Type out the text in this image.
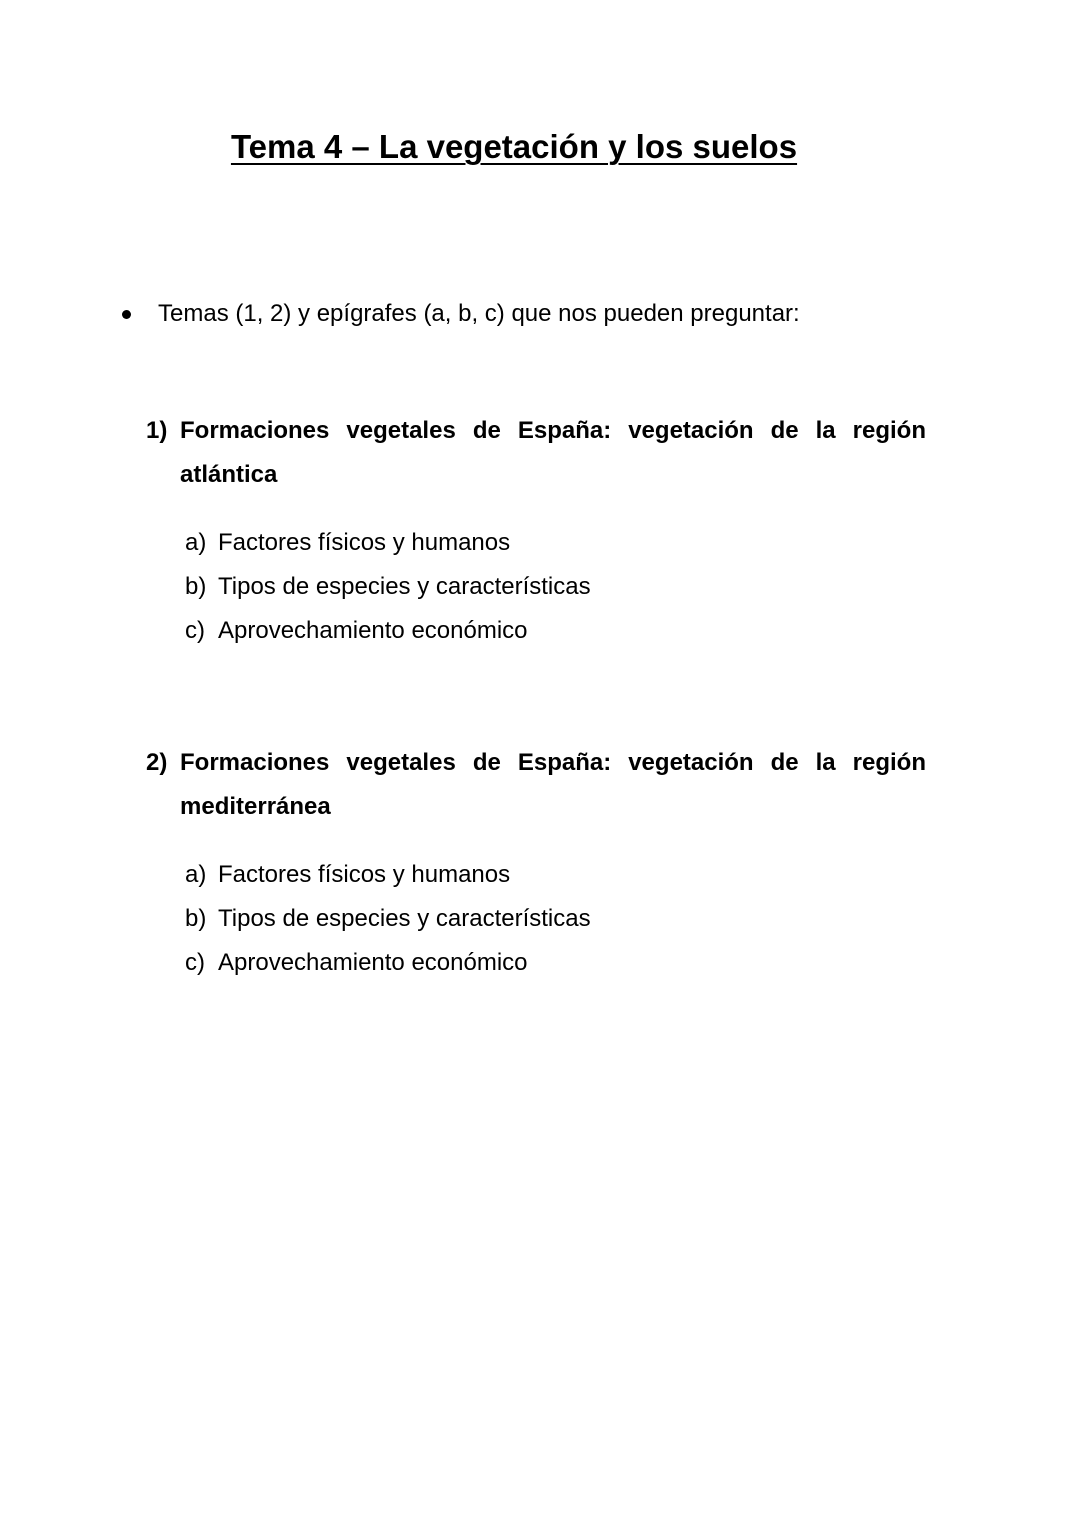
Tema 4 – La vegetación y los suelos
Temas (1, 2) y epígrafes (a, b, c) que nos pueden preguntar:
1) Formaciones vegetales de España: vegetación de la región atlántica
a) Factores físicos y humanos
b) Tipos de especies y características
c) Aprovechamiento económico
2) Formaciones vegetales de España: vegetación de la región mediterránea
a) Factores físicos y humanos
b) Tipos de especies y características
c) Aprovechamiento económico
